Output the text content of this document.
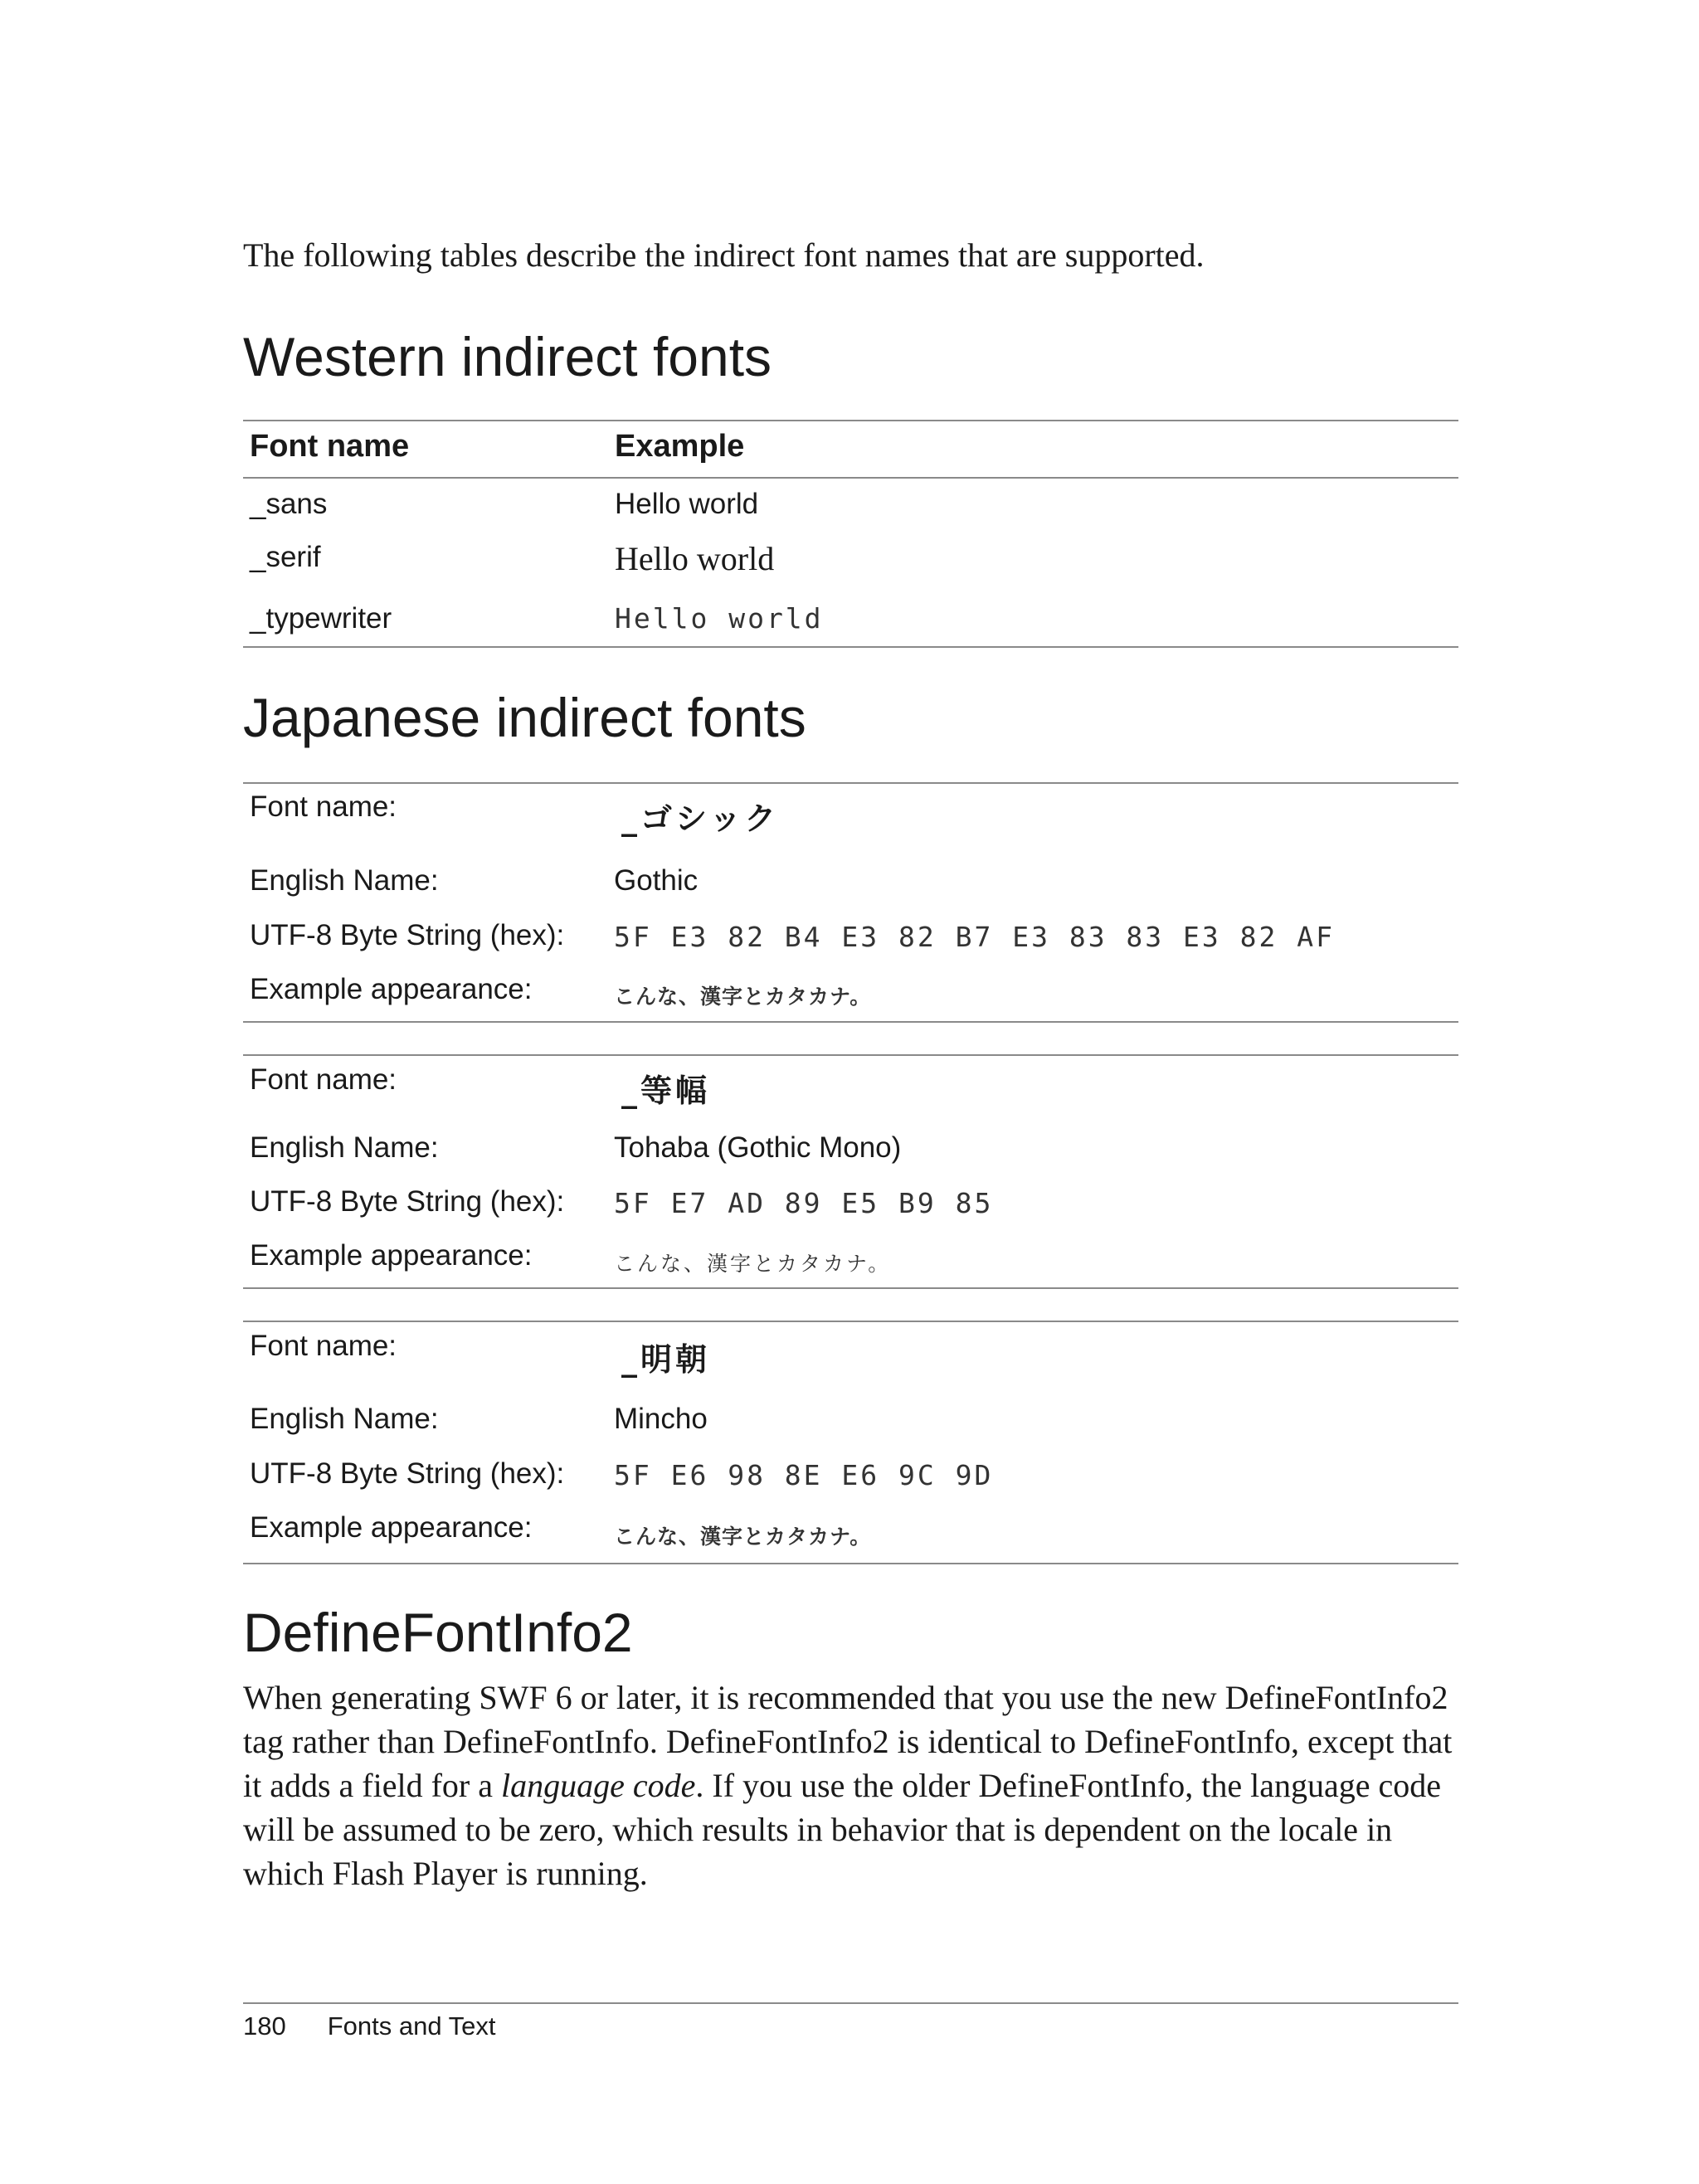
The following tables describe the indirect font names that are supported.

Western indirect fonts
Font name	Example
_sans	Hello world
_serif	Hello world
_typewriter	Hello world
Japanese indirect fonts
Font name:	_ゴシック
English Name:	Gothic
UTF-8 Byte String (hex): 5F E3 82 B4 E3 82 B7 E3 83 83 E3 82 AF
Example appearance:	こんな、漢字とカタカナ。
Font name:	_等幅
English Name:	Tohaba (Gothic Mono)
UTF-8 Byte String (hex): 5F E7 AD 89 E5 B9 85
Example appearance:	こんな、漢字とカタカナ。
Font name:	_明朝
English Name:	Mincho
UTF-8 Byte String (hex): 5F E6 98 8E E6 9C 9D
Example appearance:	こんな、漢字とカタカナ。
DefineFontInfo2

When generating SWF 6 or later, it is recommended that you use the new DefineFontInfo2 tag rather than DefineFontInfo. DefineFontInfo2 is identical to DefineFontInfo, except that it adds a field for a language code. If you use the older DefineFontInfo, the language code will be assumed to be zero, which results in behavior that is dependent on the locale in which Flash Player is running.

180 Fonts and Text
